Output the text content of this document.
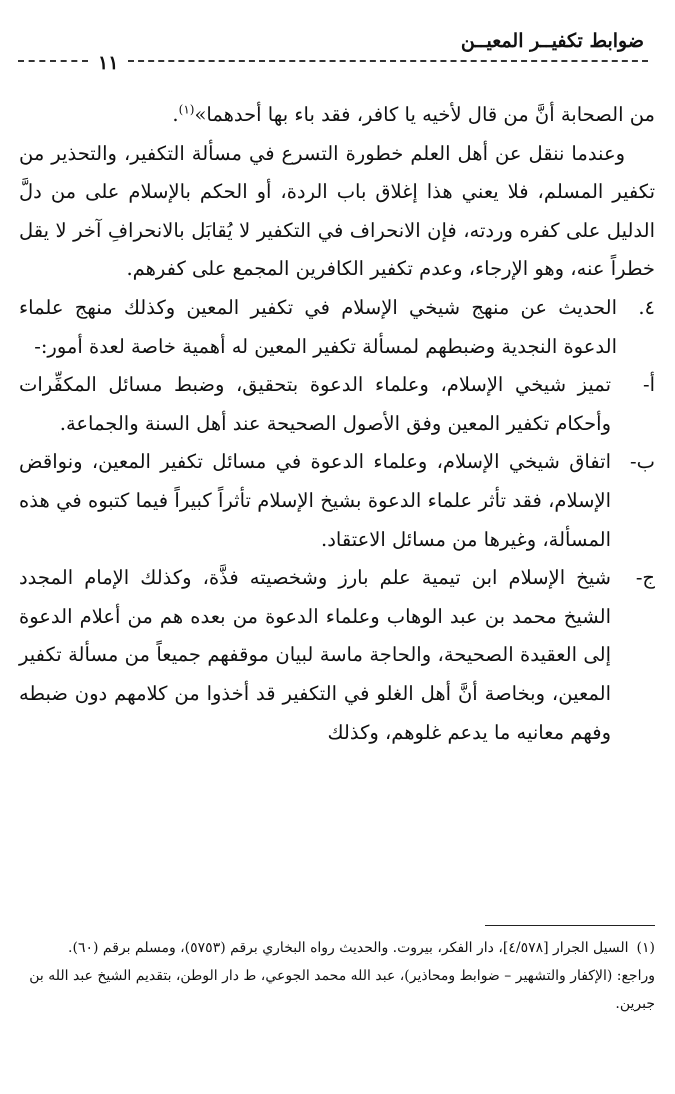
ضوابط تكفيــر المعيــن
١١

من الصحابة أنَّ من قال لأخيه يا كافر، فقد باء بها أحدهما»$^{(١)}$.

وعندما ننقل عن أهل العلم خطورة التسرع في مسألة التكفير، والتحذير من تكفير المسلم، فلا يعني هذا إغلاق باب الردة، أو الحكم بالإسلام على من دلَّ الدليل على كفره وردته، فإن الانحراف في التكفير لا يُقابَل بالانحرافِ آخر لا يقل خطراً عنه، وهو الإرجاء، وعدم تكفير الكافرين المجمع على كفرهم.

٤.
الحديث عن منهج شيخي الإسلام في تكفير المعين وكذلك منهج علماء الدعوة النجدية وضبطهم لمسألة تكفير المعين له أهمية خاصة لعدة أمور:-
أ-
تميز شيخي الإسلام، وعلماء الدعوة بتحقيق، وضبط مسائل المكفِّرات وأحكام تكفير المعين وفق الأصول الصحيحة عند أهل السنة والجماعة.
ب-
اتفاق شيخي الإسلام، وعلماء الدعوة في مسائل تكفير المعين، ونواقض الإسلام، فقد تأثر علماء الدعوة بشيخ الإسلام تأثراً كبيراً فيما كتبوه في هذه المسألة، وغيرها من مسائل الاعتقاد.
ج-
شيخ الإسلام ابن تيمية علم بارز وشخصيته فذَّة، وكذلك الإمام المجدد الشيخ محمد بن عبد الوهاب وعلماء الدعوة من بعده هم من أعلام الدعوة إلى العقيدة الصحيحة، والحاجة ماسة لبيان موقفهم جميعاً من مسألة تكفير المعين، وبخاصة أنَّ أهل الغلو في التكفير قد أخذوا من كلامهم دون ضبطه وفهم معانيه ما يدعم غلوهم، وكذلك

(١)السيل الجرار [٤/٥٧٨]، دار الفكر، بيروت. والحديث رواه البخاري برقم (٥٧٥٣)، ومسلم برقم (٦٠).

وراجع: (الإكفار والتشهير – ضوابط ومحاذير)، عبد الله محمد الجوعي، ط دار الوطن، بتقديم الشيخ عبد الله بن جبرين.
